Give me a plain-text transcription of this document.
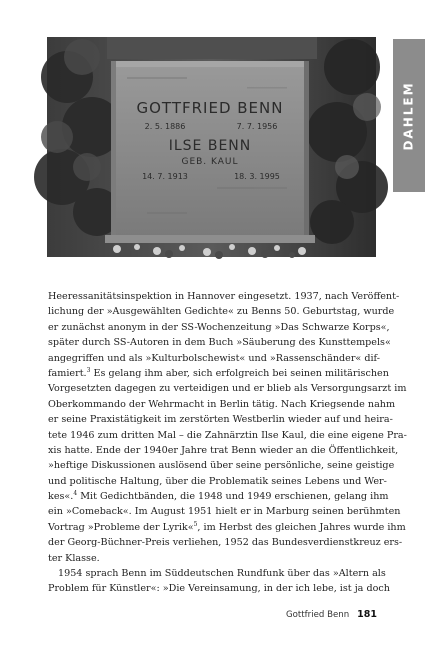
GOTTFRIED BENN
2. 5. 1886	7. 7. 1956
ILSE BENN
GEB. KAUL
14. 7. 1913	18. 3. 1995
DAHLEM
Heeressanitätsinspektion in Hannover eingesetzt. 1937, nach Veröffent-
lichung der »Ausgewählten Gedichte« zu Benns 50. Geburtstag, wurde
er zunächst anonym in der SS-Wochenzeitung »Das Schwarze Korps«,
später durch SS-Autoren in dem Buch »Säuberung des Kunsttempels«
angegriffen und als »Kulturbolschewist« und »Rassenschänder« dif-
famiert.$^3$ Es gelang ihm aber, sich erfolgreich bei seinen militärischen
Vorgesetzten dagegen zu verteidigen und er blieb als Versorgungsarzt im
Oberkommando der Wehrmacht in Berlin tätig. Nach Kriegsende nahm
er seine Praxistätigkeit im zerstörten Westberlin wieder auf und heira-
tete 1946 zum dritten Mal – die Zahnärztin Ilse Kaul, die eine eigene Pra-
xis hatte. Ende der 1940er Jahre trat Benn wieder an die Öffentlichkeit,
»heftige Diskussionen auslösend über seine persönliche, seine geistige
und politische Haltung, über die Problematik seines Lebens und Wer-
kes«.$^4$ Mit Gedichtbänden, die 1948 und 1949 erschienen, gelang ihm
ein »Comeback«. Im August 1951 hielt er in Marburg seinen berühmten
Vortrag »Probleme der Lyrik«$^5$, im Herbst des gleichen Jahres wurde ihm
der Georg-Büchner-Preis verliehen, 1952 das Bundesverdienstkreuz ers-
ter Klasse.
1954 sprach Benn im Süddeutschen Rundfunk über das »Altern als
Problem für Künstler«: »Die Vereinsamung, in der ich lebe, ist ja doch
Gottfried Benn 181
